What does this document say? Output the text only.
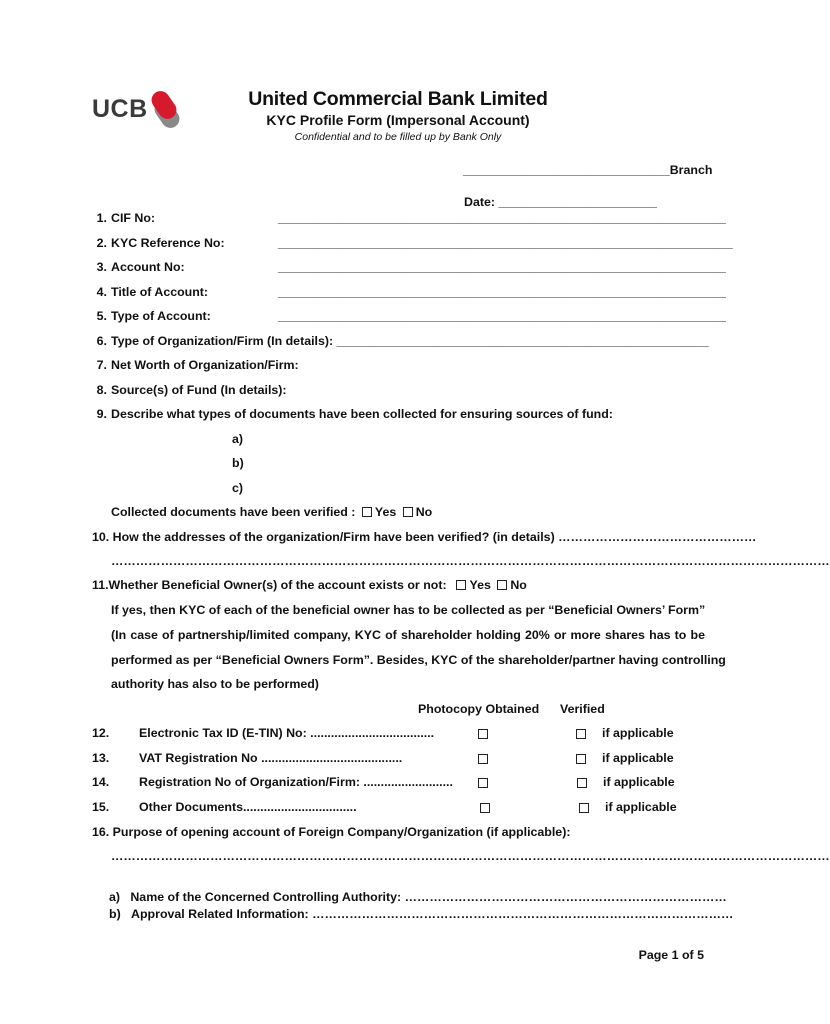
UCB	United Commercial Bank Limited
KYC Profile Form (Impersonal Account)
Confidential and to be filled up by Bank Only
______________________________Branch
Date: _______________________
1. CIF No:	_________________________________________________________________
2. KYC Reference No:	__________________________________________________________________
3. Account No:	_________________________________________________________________
4. Title of Account:	_________________________________________________________________
5. Type of Account:	_________________________________________________________________
6. Type of Organization/Firm (In details): ______________________________________________________
7. Net Worth of Organization/Firm:
8. Source(s) of Fund (In details):
9. Describe what types of documents have been collected for ensuring sources of fund:
a)
b)
c)
Collected documents have been verified : Yes No
10. How the addresses of the organization/Firm have been verified? (in details) …………………………………………
…………………………………………………………………………………………………………………………………………………………
11.Whether Beneficial Owner(s) of the account exists or not: Yes No
If yes, then KYC of each of the beneficial owner has to be collected as per “Beneficial Owners’ Form”
(In case of partnership/limited company, KYC of shareholder holding 20% or more shares has to be
performed as per “Beneficial Owners Form”. Besides, KYC of the shareholder/partner having controlling
authority has also to be performed)
Photocopy Obtained Verified
12. Electronic Tax ID (E-TIN) No: ....................................	if applicable
13. VAT Registration No .........................................	if applicable
14. Registration No of Organization/Firm: ..........................	if applicable
15. Other Documents.................................	if applicable
16. Purpose of opening account of Foreign Company/Organization (if applicable):
…………………………………………………………………………………………………………………………………………………………
a) Name of the Concerned Controlling Authority: ……………………………………………………………………
b) Approval Related Information: …………………………………………………………………………………………
Page 1 of 5
